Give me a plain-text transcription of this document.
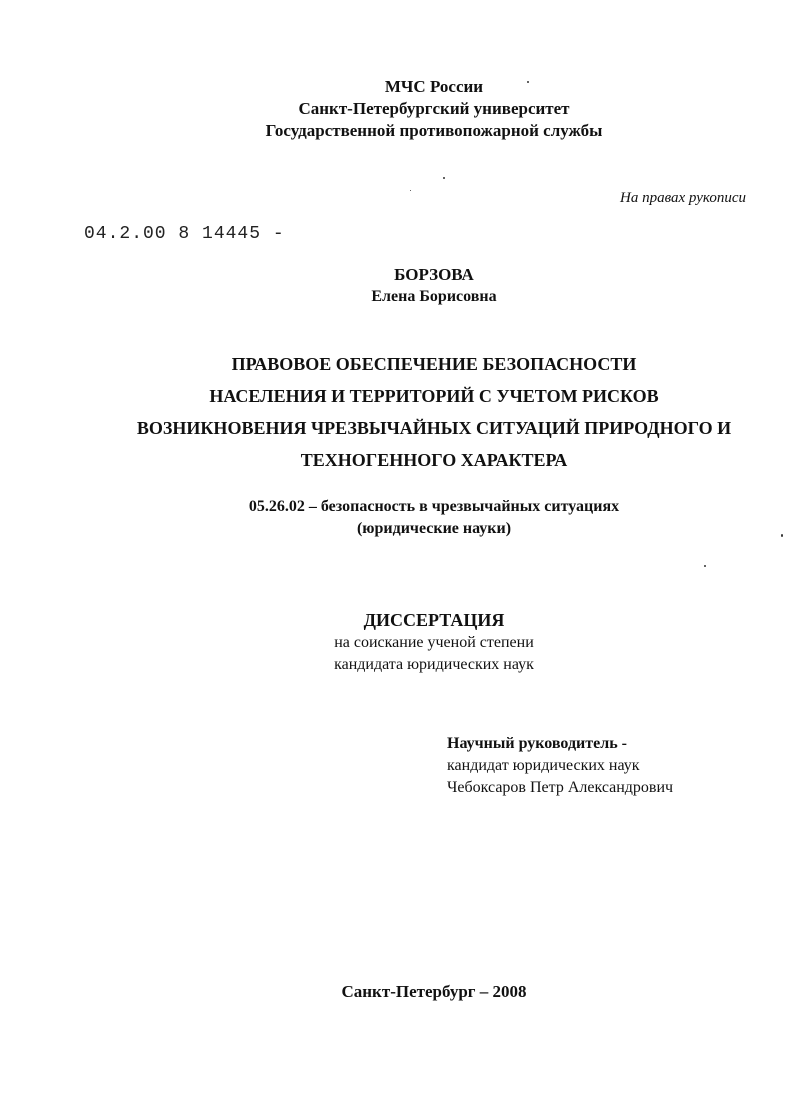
МЧС России
Санкт-Петербургский университет
Государственной противопожарной службы
На правах рукописи
04.2.00 8 14445 -
БОРЗОВА
Елена Борисовна
ПРАВОВОЕ ОБЕСПЕЧЕНИЕ БЕЗОПАСНОСТИ
НАСЕЛЕНИЯ И ТЕРРИТОРИЙ С УЧЕТОМ РИСКОВ
ВОЗНИКНОВЕНИЯ ЧРЕЗВЫЧАЙНЫХ СИТУАЦИЙ ПРИРОДНОГО И
ТЕХНОГЕННОГО ХАРАКТЕРА
05.26.02 – безопасность в чрезвычайных ситуациях
(юридические науки)
ДИССЕРТАЦИЯ
на соискание ученой степени
кандидата юридических наук
Научный руководитель -
кандидат юридических наук
Чебоксаров Петр Александрович
Санкт-Петербург – 2008
